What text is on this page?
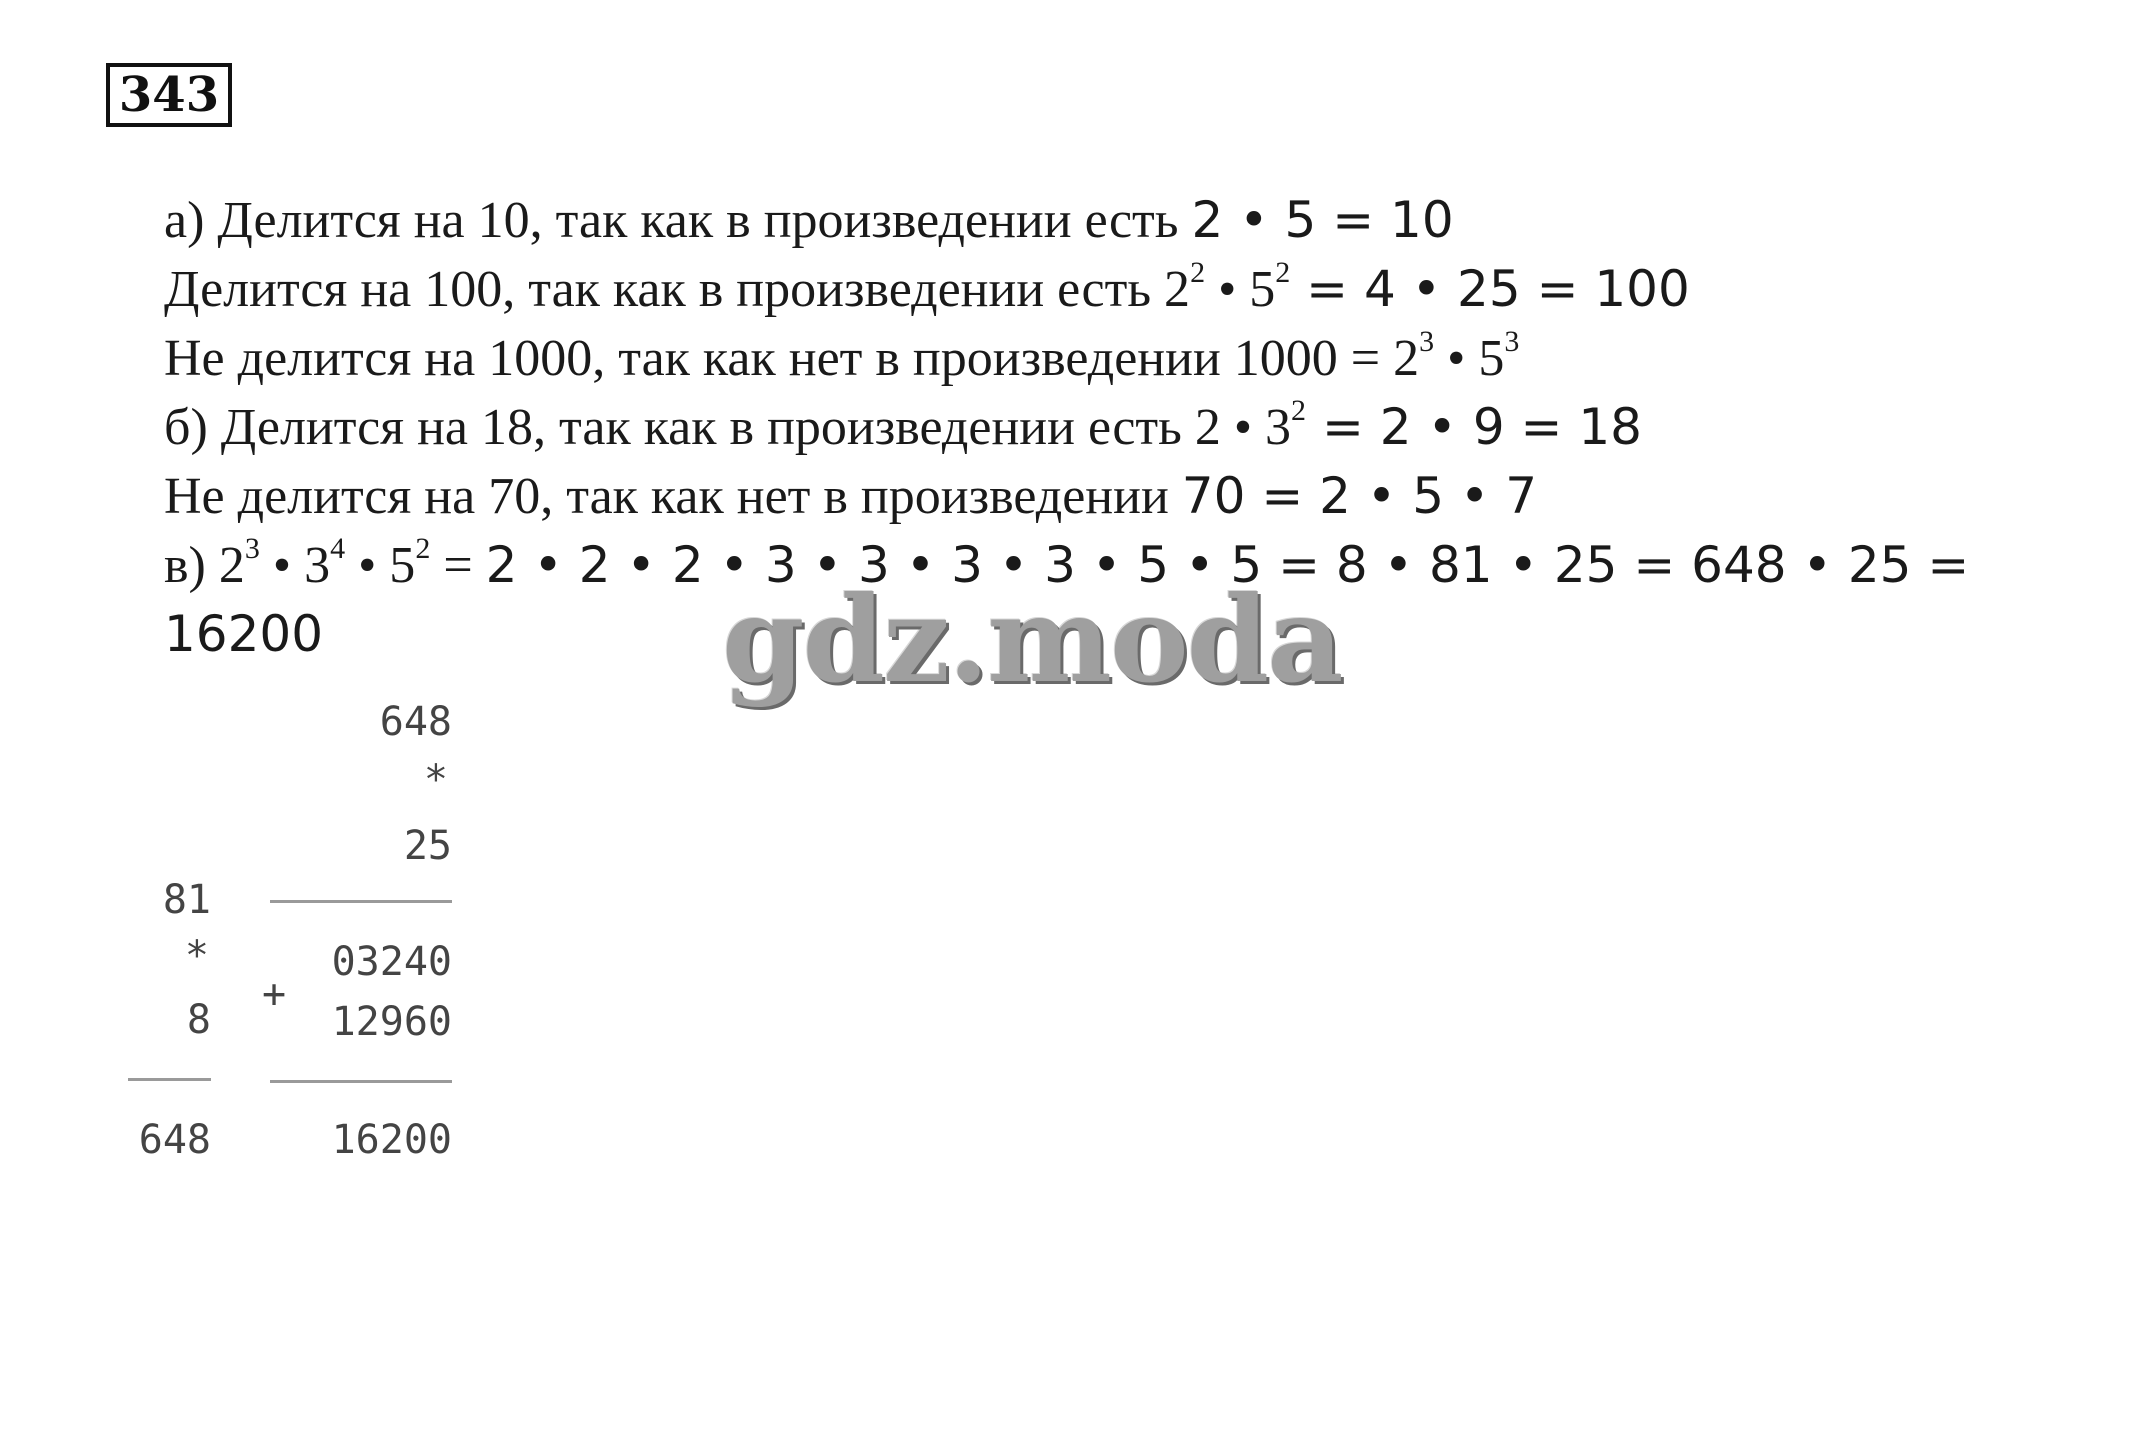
343
а) Делится на 10, так как в произведении есть 2 • 5 = 10
Делится на 100, так как в произведении есть $2^2$ • $5^2 = 4$ • 25 = 100
Не делится на 1000, так как нет в произведении $1000 = 2^3$ • $5^3$
б) Делится на 18, так как в произведении есть 2 • $3^2 = 2$ • 9 = 18
Не делится на 70, так как нет в произведении 70 = 2 • 5 • 7
в) $2^3$ • $3^4$ • $5^2 = 2$ • 2 • 2 • 3 • 3 • 3 • 3 • 5 • 5 = 8 • 81 • 25 = 648 • 25 =
16200
648
*
25
03240
+
12960
16200
81
*
8
648
gdz.moda
